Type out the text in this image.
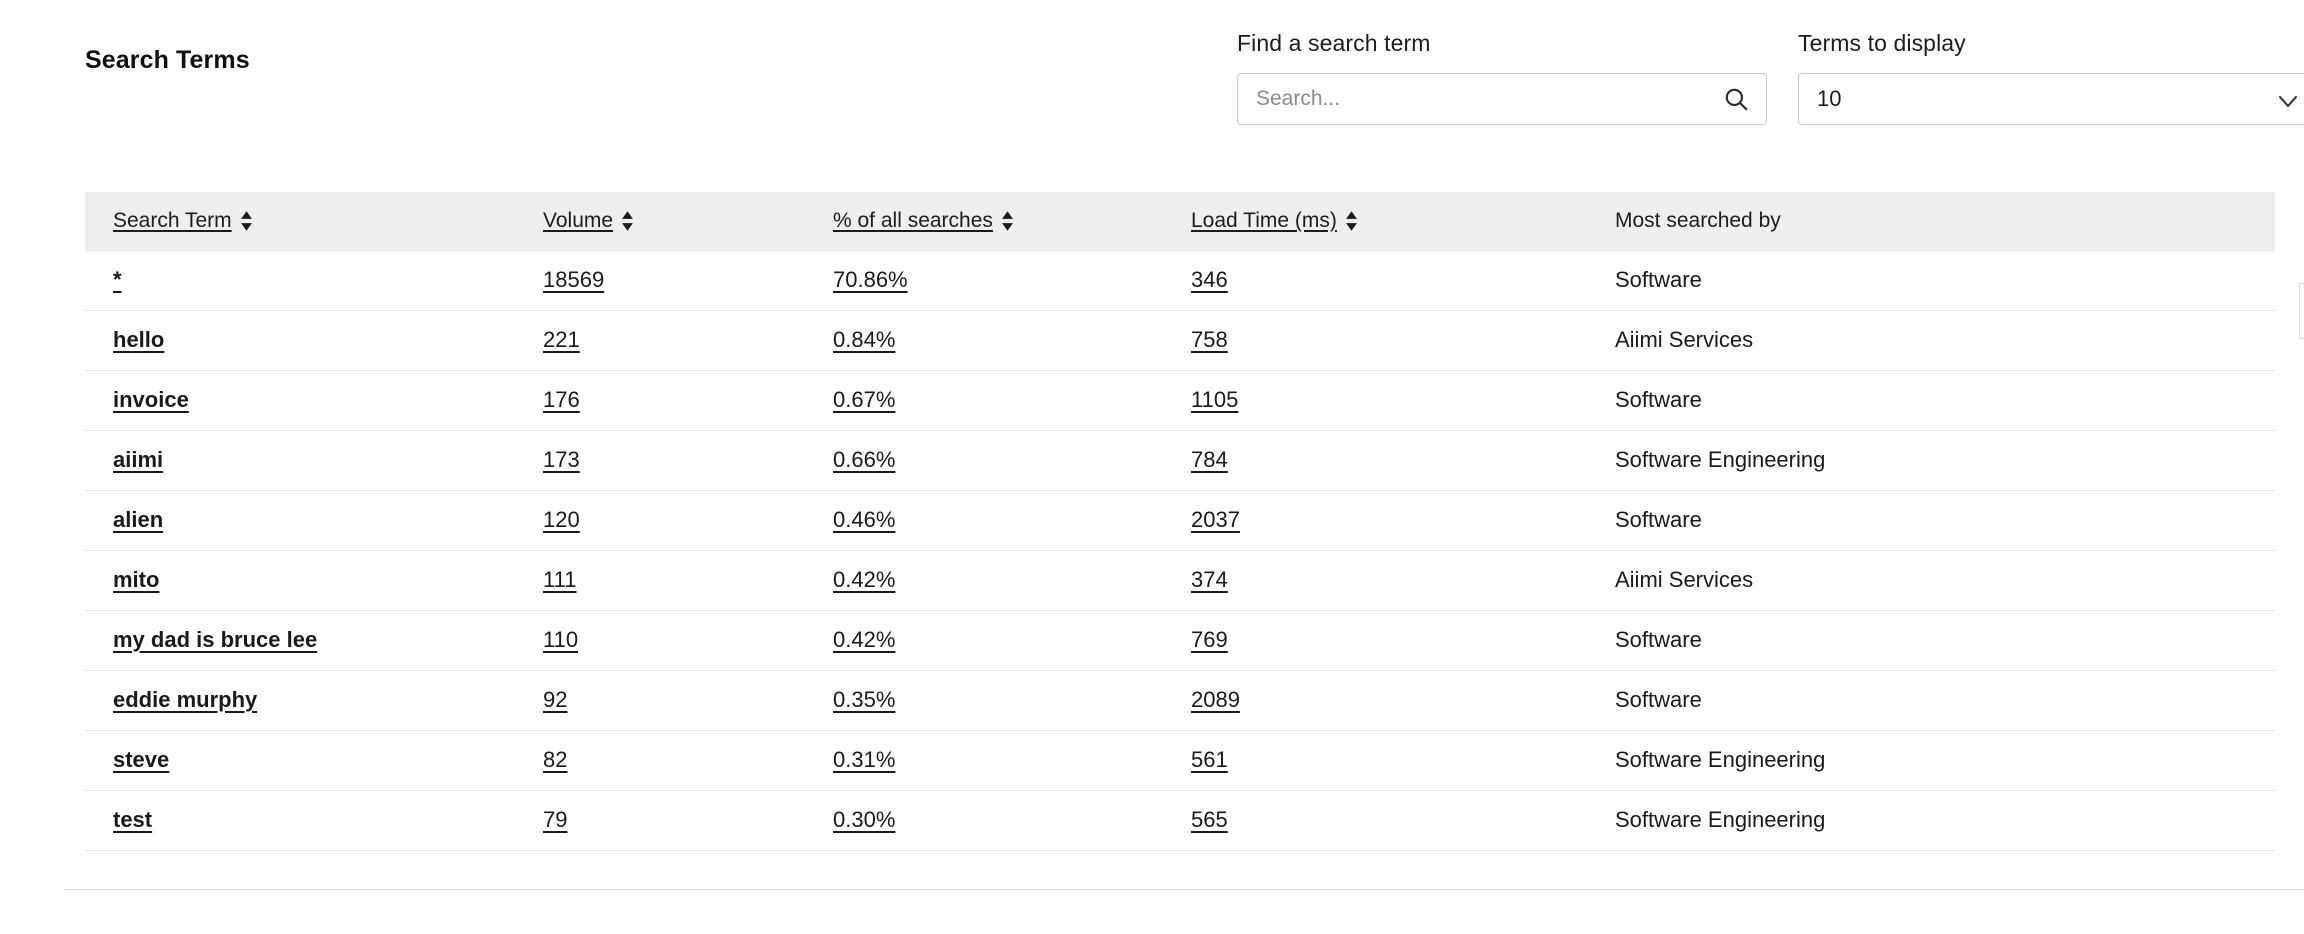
Search Terms
Find a search term
Search...	Terms to display
10
Search Term	Volume	% of all searches	Load Time (ms)	Most searched by

*	18569	70.86%	346	Software
hello	221	0.84%	758	Aiimi Services
invoice	176	0.67%	1105	Software
aiimi	173	0.66%	784	Software Engineering
alien	120	0.46%	2037	Software
mito	111	0.42%	374	Aiimi Services
my dad is bruce lee	110	0.42%	769	Software
eddie murphy	92	0.35%	2089	Software
steve	82	0.31%	561	Software Engineering
test	79	0.30%	565	Software Engineering
